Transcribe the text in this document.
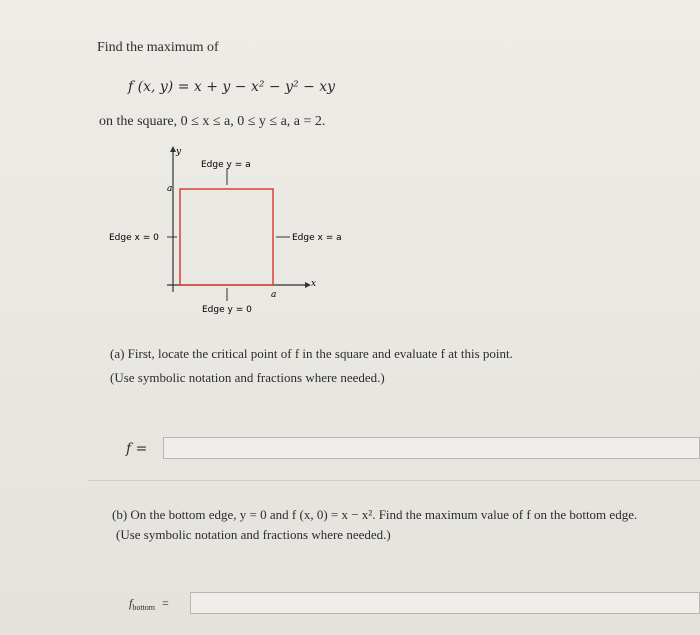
Find the maximum of
f (x, y) = x + y − x² − y² − xy
on the square, 0 ≤ x ≤ a, 0 ≤ y ≤ a, a = 2.
y
x
a
a
Edge y = a
Edge x = 0	Edge x = a
Edge y = 0
(a) First, locate the critical point of f in the square and evaluate f at this point.
(Use symbolic notation and fractions where needed.)
f =
(b) On the bottom edge, y = 0 and f (x, 0) = x − x². Find the maximum value of f on the bottom edge.
(Use symbolic notation and fractions where needed.)
$f_{bottom}$ =
